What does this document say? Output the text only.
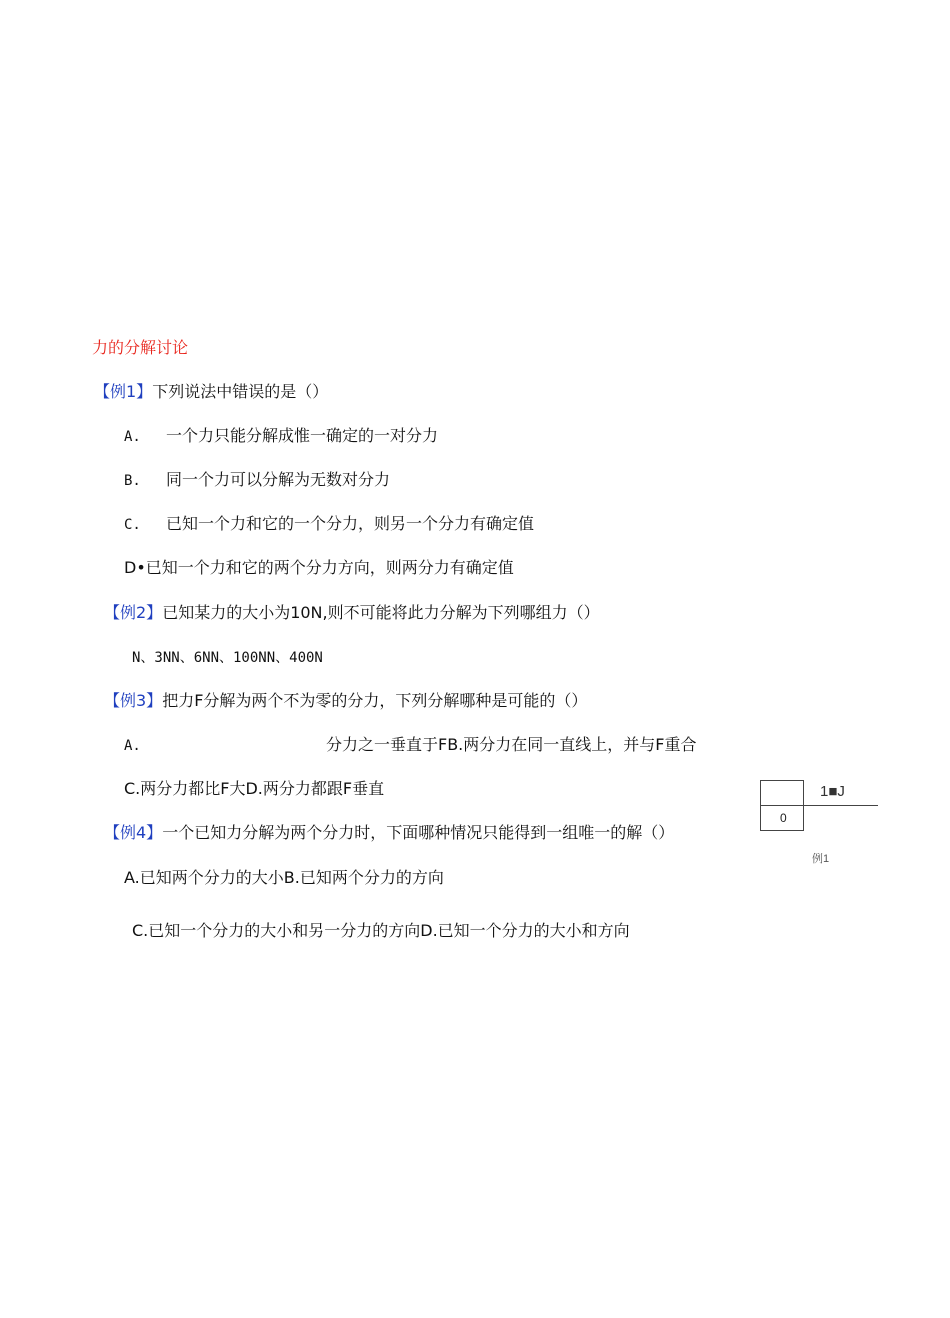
力的分解讨论
【例1】下列说法中错误的是（）
A. 一个力只能分解成惟一确定的一对分力
B. 同一个力可以分解为无数对分力
C. 已知一个力和它的一个分力，则另一个分力有确定值
D•已知一个力和它的两个分力方向，则两分力有确定值
【例2】已知某力的大小为10N,则不可能将此力分解为下列哪组力（）
N、3NN、6NN、100NN、400N
【例3】把力F分解为两个不为零的分力，下列分解哪种是可能的（）
A.	分力之一垂直于FB.两分力在同一直线上，并与F重合
C.两分力都比F大D.两分力都跟F垂直
【例4】一个已知力分解为两个分力时，下面哪种情况只能得到一组唯一的解（）
A.已知两个分力的大小B.已知两个分力的方向
C.已知一个分力的大小和另一分力的方向D.已知一个分力的大小和方向
1■J
0
例1
